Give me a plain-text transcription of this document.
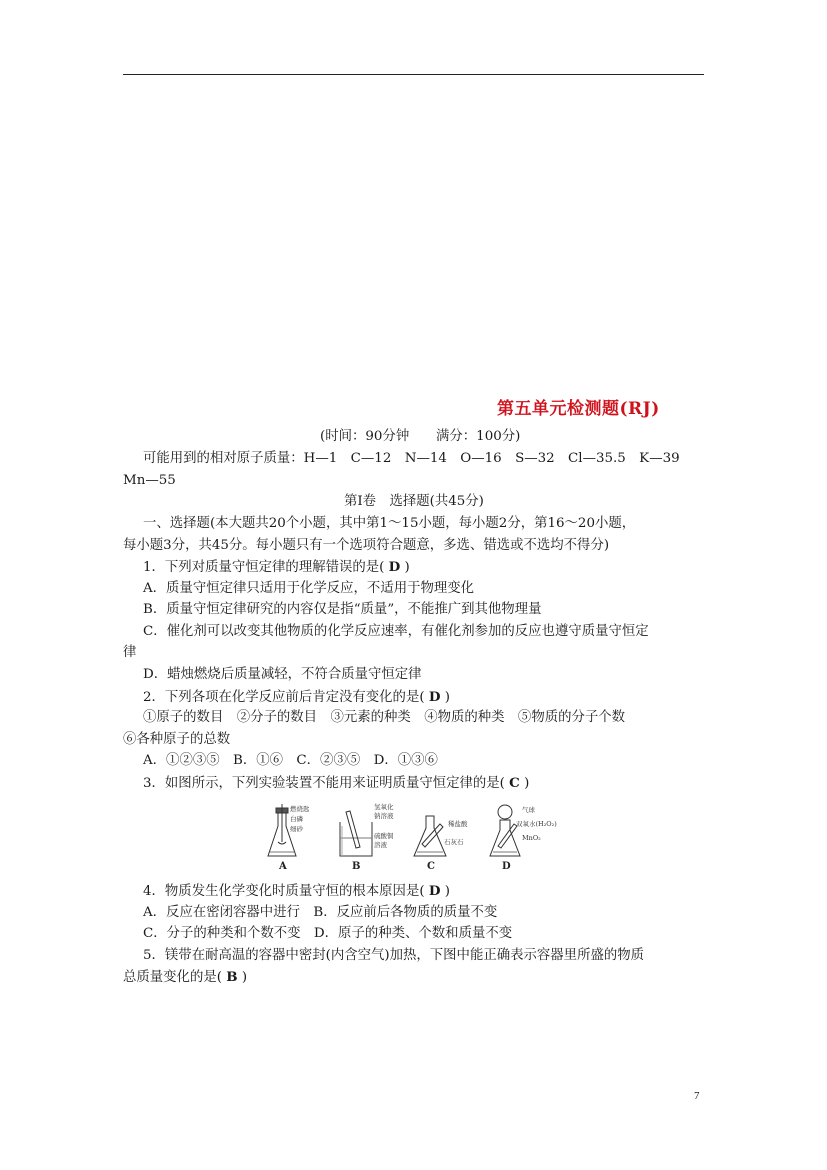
第五单元检测题(RJ)
(时间：90分钟　　满分：100分)
可能用到的相对原子质量：H—1　C—12　N—14　O—16　S—32　Cl—35.5　K—39
Mn—55
第Ⅰ卷　选择题(共45分)
一、选择题(本大题共20个小题，其中第1～15小题，每小题2分，第16～20小题，
每小题3分，共45分。每小题只有一个选项符合题意，多选、错选或不选均不得分)
1．下列对质量守恒定律的理解错误的是( D )
A．质量守恒定律只适用于化学反应，不适用于物理变化
B．质量守恒定律研究的内容仅是指“质量”，不能推广到其他物理量
C．催化剂可以改变其他物质的化学反应速率，有催化剂参加的反应也遵守质量守恒定
律
D．蜡烛燃烧后质量减轻，不符合质量守恒定律
2．下列各项在化学反应前后肯定没有变化的是( D )
①原子的数目　②分子的数目　③元素的种类　④物质的种类　⑤物质的分子个数
⑥各种原子的总数
A．①②③⑤　B．①⑥　C．②③⑤　D．①③⑥
3．如图所示，下列实验装置不能用来证明质量守恒定律的是( C )
燃烧匙
白磷
细砂
氢氧化
钠溶液
硫酸铜
溶液
稀盐酸
石灰石
气球
双氧水(H₂O₂)
MnO₂
A	B	C	D
4．物质发生化学变化时质量守恒的根本原因是( D )
A．反应在密闭容器中进行　B．反应前后各物质的质量不变
C．分子的种类和个数不变　D．原子的种类、个数和质量不变
5．镁带在耐高温的容器中密封(内含空气)加热，下图中能正确表示容器里所盛的物质
总质量变化的是( B )
7
